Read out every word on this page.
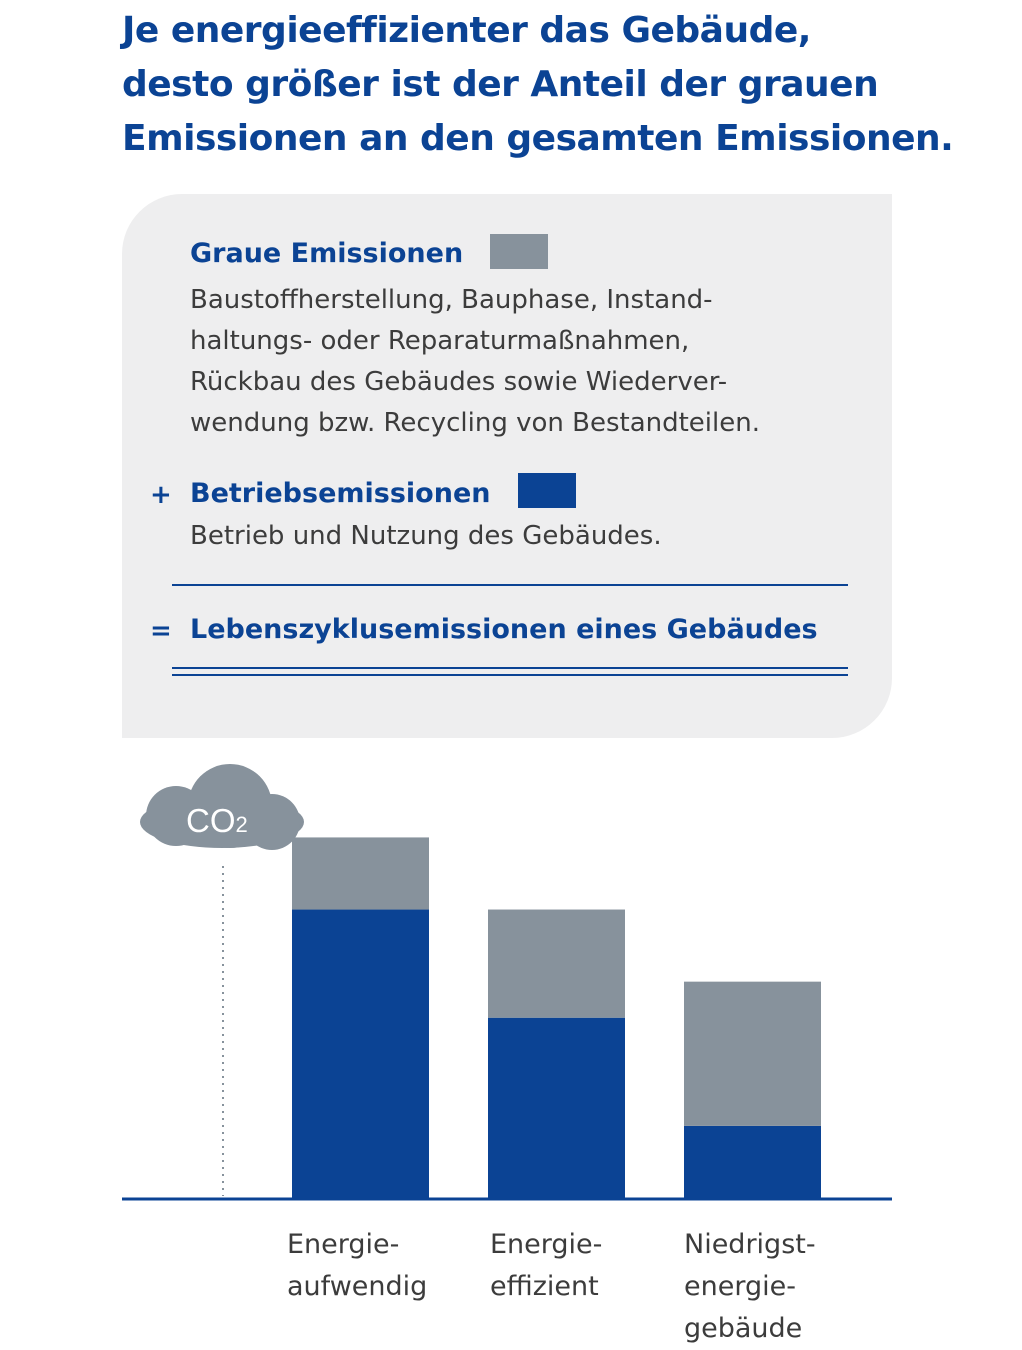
Je energieeffizienter das Gebäude,
desto größer ist der Anteil der grauen
Emissionen an den gesamten Emissionen.
Graue Emissionen
Baustoffherstellung, Bauphase, Instand-
haltungs- oder Reparaturmaßnahmen,
Rückbau des Gebäudes sowie Wiederver-
wendung bzw. Recycling von Bestandteilen.
+ Betriebsemissionen
Betrieb und Nutzung des Gebäudes.
= Lebenszyklusemissionen eines Gebäudes
CO2
Energie-
aufwendig
Energie-
effizient
Niedrigst-
energie-
gebäude
